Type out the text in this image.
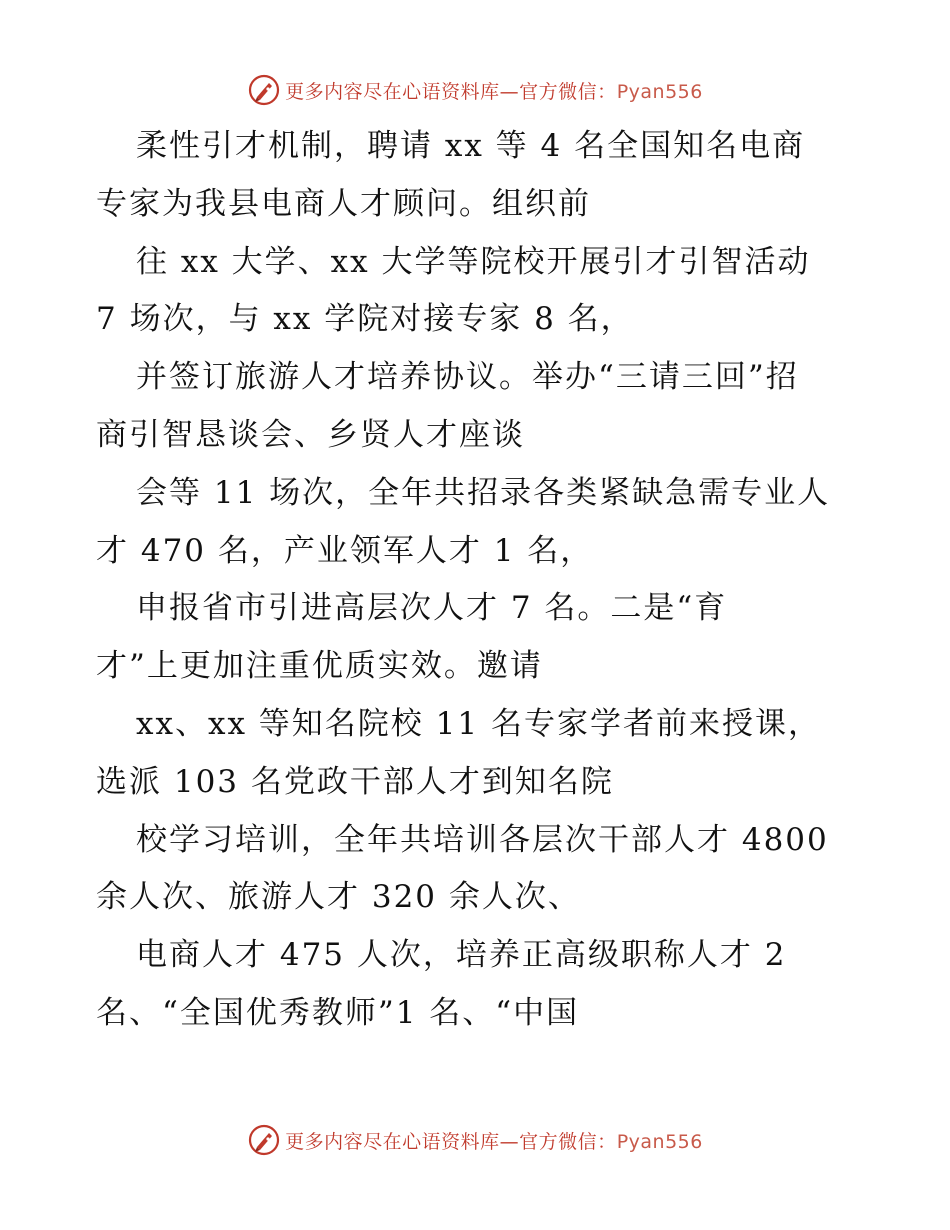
更多内容尽在心语资料库—官方微信：Pyan556
柔性引才机制，聘请 xx 等 4 名全国知名电商
专家为我县电商人才顾问。组织前
往 xx 大学、xx 大学等院校开展引才引智活动
7 场次，与 xx 学院对接专家 8 名，
并签订旅游人才培养协议。举办“三请三回”招
商引智恳谈会、乡贤人才座谈
会等 11 场次，全年共招录各类紧缺急需专业人
才 470 名，产业领军人才 1 名，
申报省市引进高层次人才 7 名。二是“育
才”上更加注重优质实效。邀请
xx、xx 等知名院校 11 名专家学者前来授课，
选派 103 名党政干部人才到知名院
校学习培训，全年共培训各层次干部人才 4800
余人次、旅游人才 320 余人次、
电商人才 475 人次，培养正高级职称人才 2
名、“全国优秀教师”1 名、“中国
更多内容尽在心语资料库—官方微信：Pyan556
